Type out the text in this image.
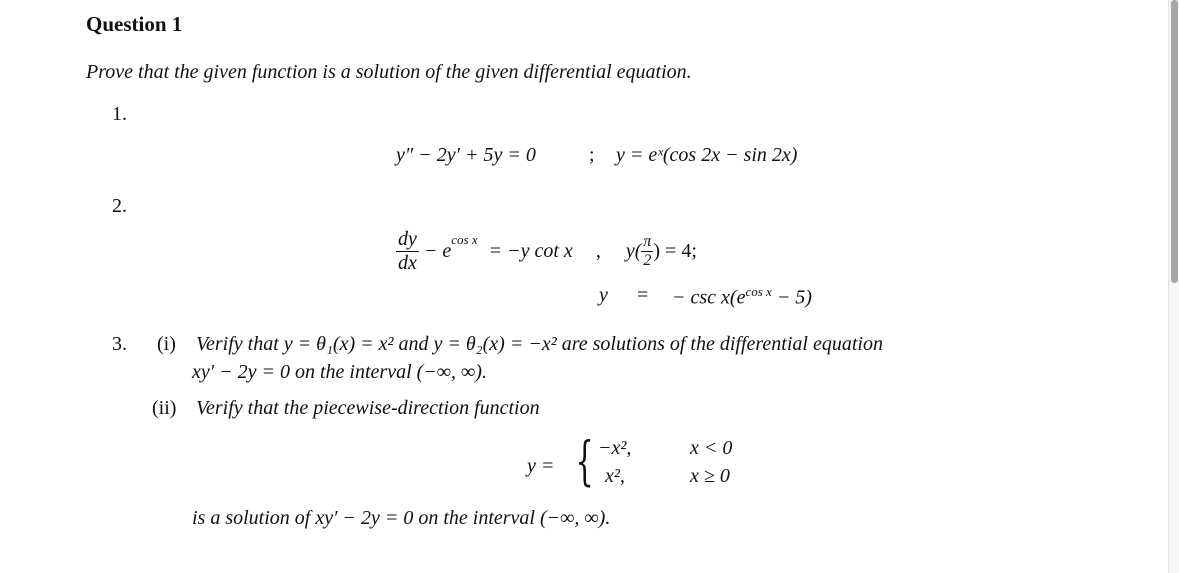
Question 1
Prove that the given function is a solution of the given differential equation.
1.
y″ − 2y′ + 5y = 0	; y = eˣ(cos 2x − sin 2x)
2.
$\frac{dy}{dx} - e^{cos x} = -y$ cot x , $y( \frac{\pi}{2}$ ) = 4;
y = − $\csc x(e^{cos x} - 5)$
3. (i) Verify that y = θ₁(x) = x² and y = θ₂(x) = −x² are solutions of the differential equation
xy′ − 2y = 0 on the interval (−∞, ∞).
(ii) Verify that the piecewise-direction function
y = { −x²,	x < 0
x²,	x ≥ 0
is a solution of xy′ − 2y = 0 on the interval (−∞, ∞).
